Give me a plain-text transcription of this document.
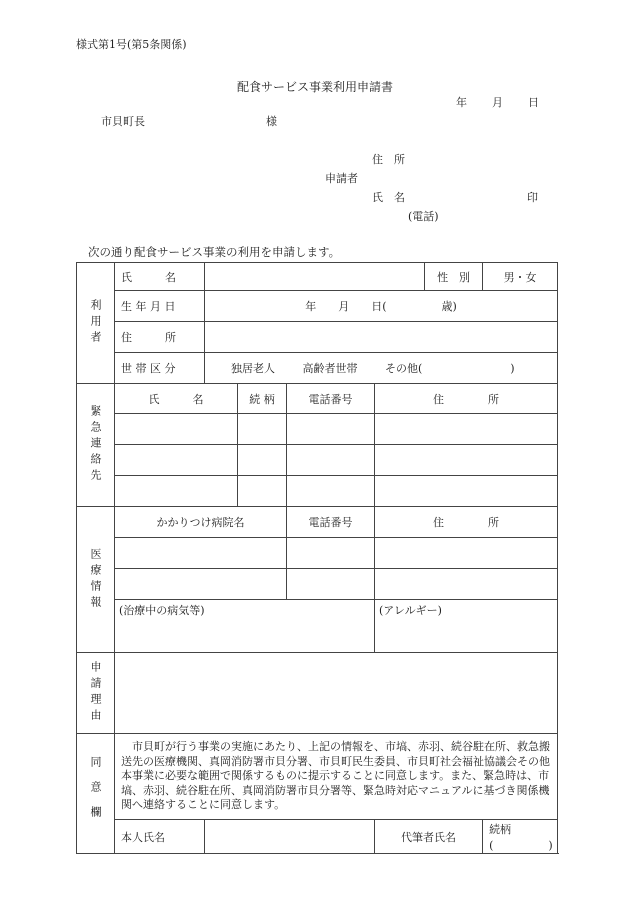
様式第1号(第5条関係)
配食サービス事業利用申請書
年 月 日
市貝町長	様
住　所
申請者
氏　名	印
(電話)
次の通り配食サービス事業の利用を申請します。
利用者	氏　　　名					性　別	男・女
	生 年 月 日	年　　月　　日(　　　　　歳)					
	住　　　所						
	世 帯 区 分	独居老人 高齢者世帯 その他(　　　　　　　　)					

緊急連絡先	氏　　　名		続 柄	電話番号	住　　　　所		

医療情報	かかりつけ病院名			電話番号	住　　　　所		

	(治療中の病気等)				(アレルギー)		

申請理由							

同意欄	市貝町が行う事業の実施にあたり、上記の情報を、市塙、赤羽、続谷駐在所、救急搬送先の医療機関、真岡消防署市貝分署、市貝町民生委員、市貝町社会福祉協議会その他本事業に必要な範囲で関係するものに提示することに同意します。また、緊急時は、市塙、赤羽、続谷駐在所、真岡消防署市貝分署等、緊急時対応マニュアルに基づき関係機関へ連絡することに同意します。						
	本人氏名				代筆者氏名		続柄(　　　　　)
